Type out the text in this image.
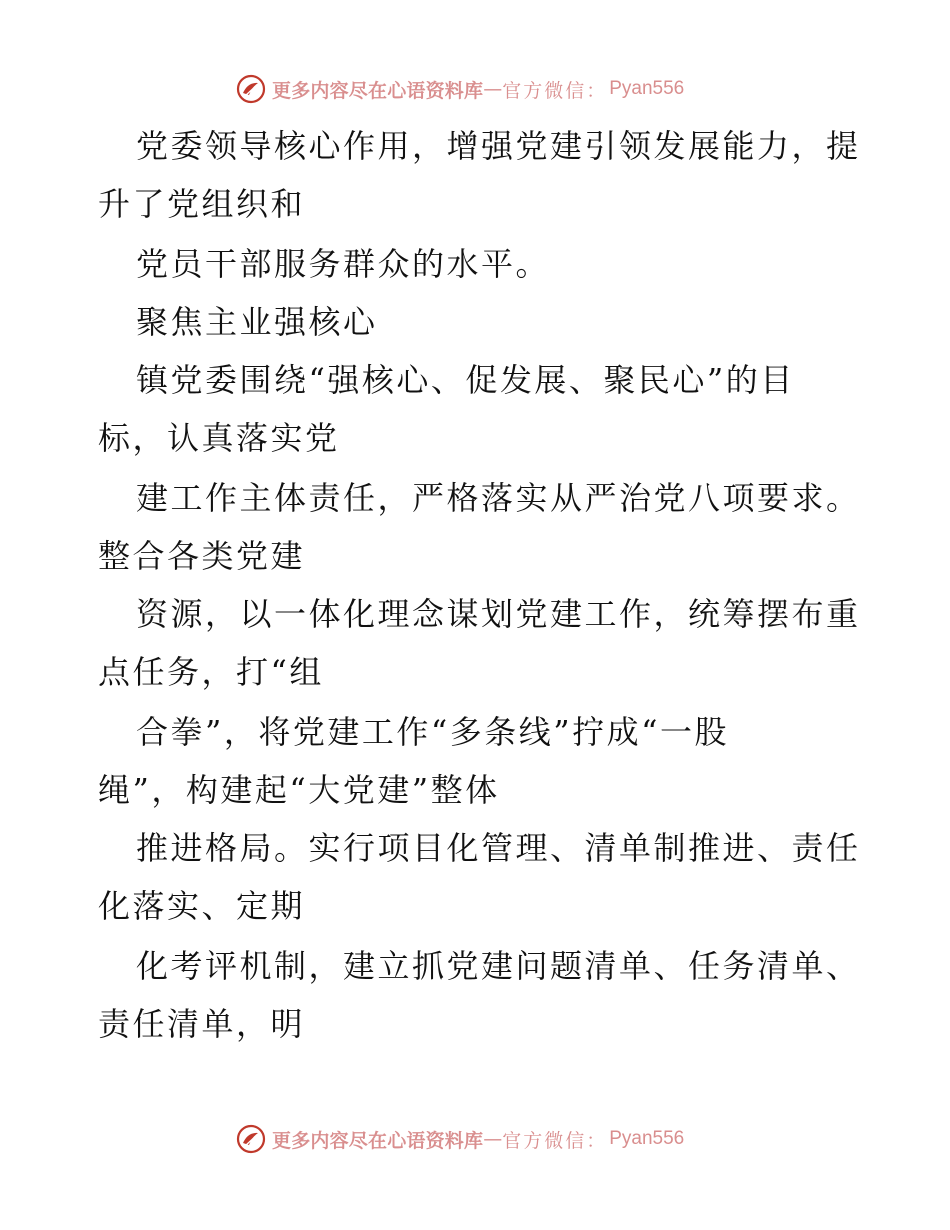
更多内容尽在心语资料库 — 官方微信： Pyan556
党委领导核心作用，增强党建引领发展能力，提
升了党组织和
党员干部服务群众的水平。
聚焦主业强核心
镇党委围绕“强核心、促发展、聚民心”的目
标，认真落实党
建工作主体责任，严格落实从严治党八项要求。
整合各类党建
资源，以一体化理念谋划党建工作，统筹摆布重
点任务，打“组
合拳”，将党建工作“多条线”拧成“一股
绳”，构建起“大党建”整体
推进格局。实行项目化管理、清单制推进、责任
化落实、定期
化考评机制，建立抓党建问题清单、任务清单、
责任清单，明
更多内容尽在心语资料库 — 官方微信： Pyan556
